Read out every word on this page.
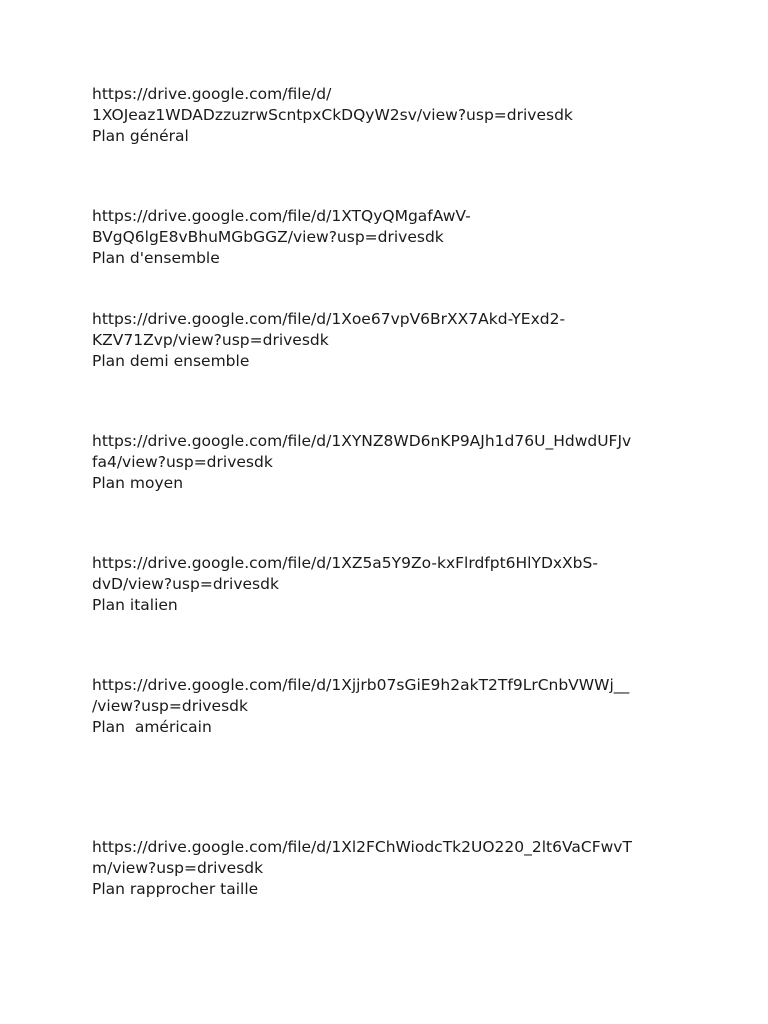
https://drive.google.com/file/d/
1XOJeaz1WDADzzuzrwScntpxCkDQyW2sv/view?usp=drivesdk
Plan général
https://drive.google.com/file/d/1XTQyQMgafAwV-
BVgQ6lgE8vBhuMGbGGZ/view?usp=drivesdk
Plan d'ensemble
https://drive.google.com/file/d/1Xoe67vpV6BrXX7Akd-YExd2-
KZV71Zvp/view?usp=drivesdk
Plan demi ensemble
https://drive.google.com/file/d/1XYNZ8WD6nKP9AJh1d76U_HdwdUFJv
fa4/view?usp=drivesdk
Plan moyen
https://drive.google.com/file/d/1XZ5a5Y9Zo-kxFlrdfpt6HlYDxXbS-
dvD/view?usp=drivesdk
Plan italien
https://drive.google.com/file/d/1Xjjrb07sGiE9h2akT2Tf9LrCnbVWWj__
/view?usp=drivesdk
Plan  américain
https://drive.google.com/file/d/1Xl2FChWiodcTk2UO220_2lt6VaCFwvT
m/view?usp=drivesdk
Plan rapprocher taille
